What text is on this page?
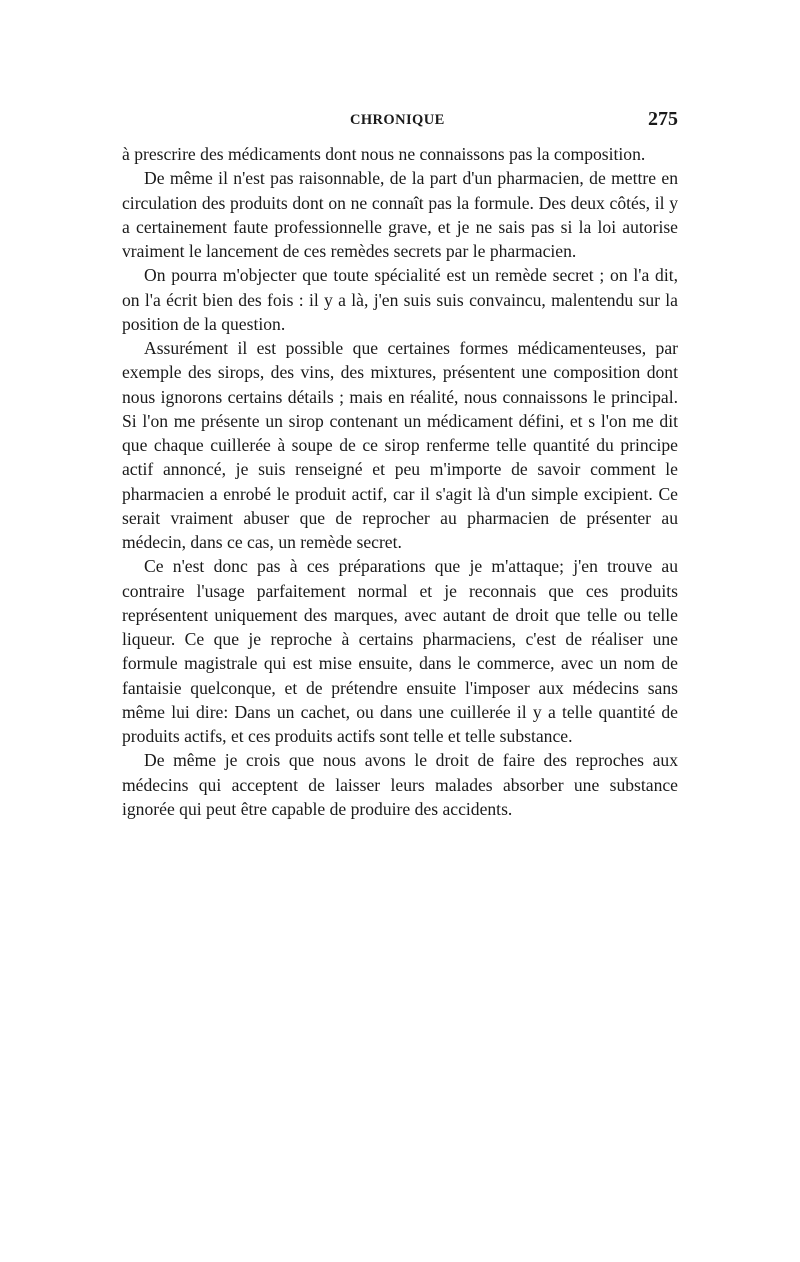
CHRONIQUE	275

à prescrire des médicaments dont nous ne connaissons pas la composition.

De même il n'est pas raisonnable, de la part d'un pharmacien, de mettre en circulation des produits dont on ne connaît pas la formule. Des deux côtés, il y a certainement faute professionnelle grave, et je ne sais pas si la loi autorise vraiment le lancement de ces remèdes secrets par le pharmacien.

On pourra m'objecter que toute spécialité est un remède secret ; on l'a dit, on l'a écrit bien des fois : il y a là, j'en suis suis convaincu, malentendu sur la position de la question.

Assurément il est possible que certaines formes médicamenteuses, par exemple des sirops, des vins, des mixtures, présentent une composition dont nous ignorons certains détails ; mais en réalité, nous connaissons le principal. Si l'on me présente un sirop contenant un médicament défini, et s l'on me dit que chaque cuillerée à soupe de ce sirop renferme telle quantité du principe actif annoncé, je suis renseigné et peu m'importe de savoir comment le pharmacien a enrobé le produit actif, car il s'agit là d'un simple excipient. Ce serait vraiment abuser que de reprocher au pharmacien de présenter au médecin, dans ce cas, un remède secret.

Ce n'est donc pas à ces préparations que je m'attaque; j'en trouve au contraire l'usage parfaitement normal et je reconnais que ces produits représentent uniquement des marques, avec autant de droit que telle ou telle liqueur. Ce que je reproche à certains pharmaciens, c'est de réaliser une formule magistrale qui est mise ensuite, dans le commerce, avec un nom de fantaisie quelconque, et de prétendre ensuite l'imposer aux médecins sans même lui dire: Dans un cachet, ou dans une cuillerée il y a telle quantité de produits actifs, et ces produits actifs sont telle et telle substance.

De même je crois que nous avons le droit de faire des reproches aux médecins qui acceptent de laisser leurs malades absorber une substance ignorée qui peut être capable de produire des accidents.
